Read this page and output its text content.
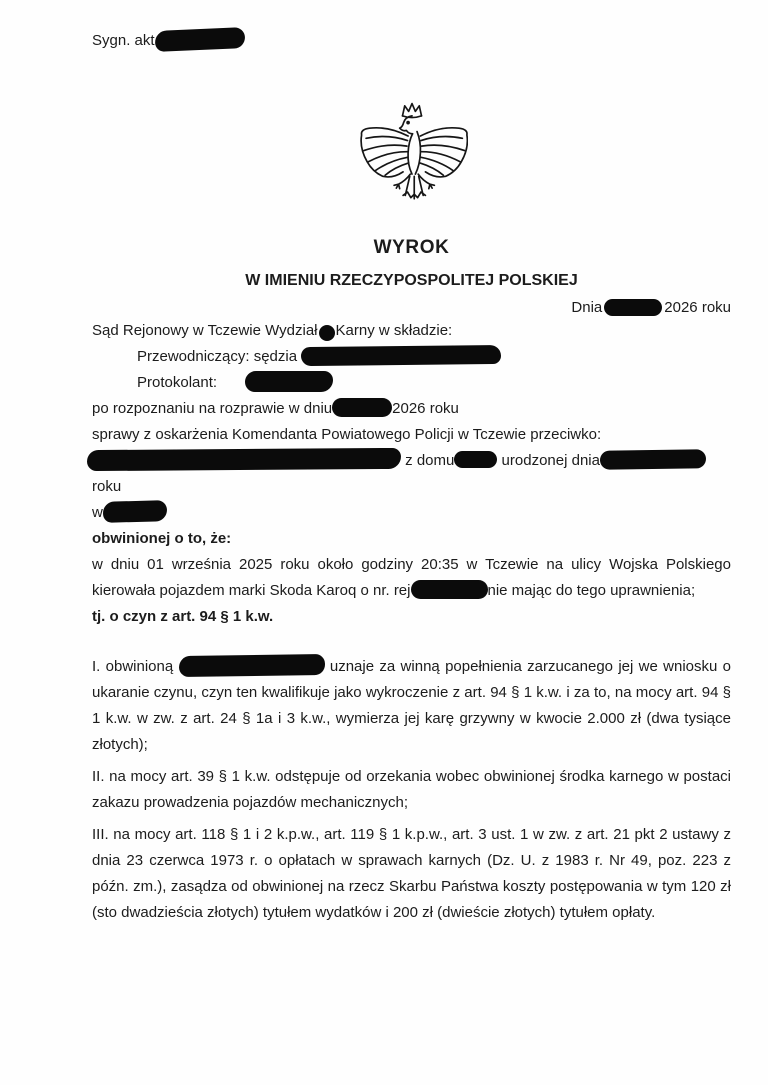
Sygn. akt
WYROK
W IMIENIU RZECZYPOSPOLITEJ POLSKIEJ
Dnia	2026 roku

Sąd Rejonowy w Tczewie Wydział Karny w składzie:

Przewodniczący: sędzia

Protokolant:

po rozpoznaniu na rozprawie w dniu	2026 roku

sprawy z oskarżenia Komendanta Powiatowego Policji w Tczewie przeciwko:

z domu	urodzonej dniaroku

w

obwinionej o to, że:

w dniu 01 września 2025 roku około godziny 20:35 w Tczewie na ulicy Wojska Polskiego kierowała pojazdem marki Skoda Karoq o nr. rej	nie mając do tego uprawnienia;

tj. o czyn z art. 94 § 1 k.w.

I. obwinioną	uznaje za winną popełnienia zarzucanego jej we wniosku o ukaranie czynu, czyn ten kwalifikuje jako wykroczenie z art. 94 § 1 k.w. i za to, na mocy art. 94 § 1 k.w. w zw. z art. 24 § 1a i 3 k.w., wymierza jej karę grzywny w kwocie 2.000 zł (dwa tysiące złotych);

II. na mocy art. 39 § 1 k.w. odstępuje od orzekania wobec obwinionej środka karnego w postaci zakazu prowadzenia pojazdów mechanicznych;

III. na mocy art. 118 § 1 i 2 k.p.w., art. 119 § 1 k.p.w., art. 3 ust. 1 w zw. z art. 21 pkt 2 ustawy z dnia 23 czerwca 1973 r. o opłatach w sprawach karnych (Dz. U. z 1983 r. Nr 49, poz. 223 z późn. zm.), zasądza od obwinionej na rzecz Skarbu Państwa koszty postępowania w tym 120 zł (sto dwadzieścia złotych) tytułem wydatków i 200 zł (dwieście złotych) tytułem opłaty.
